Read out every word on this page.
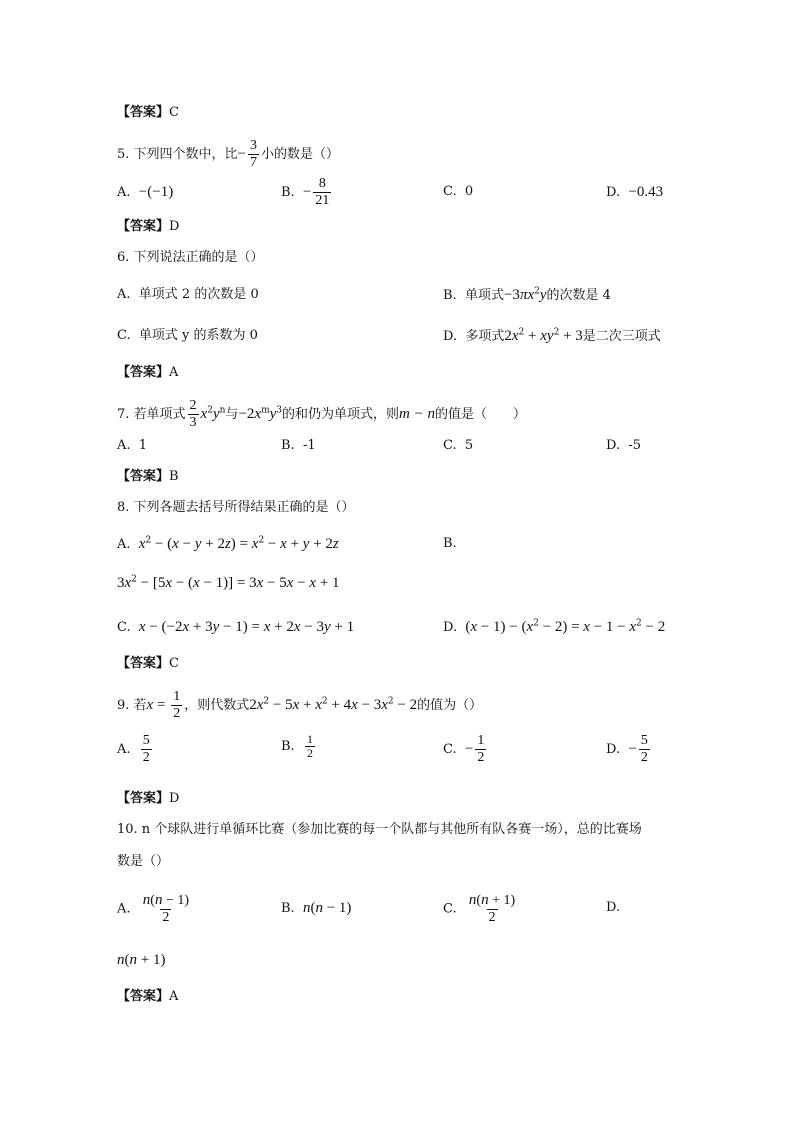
【答案】C
5. 下列四个数中，比− $\frac{3}{7}$ 小的数是（）
A. −(−1)	B. − $\frac{8}{21}$	C. 0	D. −0.43
【答案】D
6. 下列说法正确的是（）
A. 单项式 2 的次数是 0	B. 单项式$-3\pi x^2y$的次数是 4
C. 单项式 y 的系数为 0	D. 多项式$2x^2 + xy^2 + 3$是二次三项式
【答案】A
7. 若单项式 $\frac{2}{3} x^2y^n$与$-2x^my^3$的和仍为单项式，则m − n的值是（　　）
A. 1	B. -1	C. 5	D. -5
【答案】B
8. 下列各题去括号所得结果正确的是（）
A. $x^2 - (x - y + 2z) = x^2 - x + y + 2z$	B.
$3x^2 - [5x - (x - 1)] = 3x - 5x - x + 1$
C. x − (−2x + 3y − 1) = x + 2x − 3y + 1	D. $(x - 1) - (x^2 - 2) = x - 1 - x^2 - 2$
【答案】C
9. 若$x = \frac{1}{2}$ ，则代数式$2x^2 - 5x + x^2 + 4x - 3x^2 - 2$的值为（）
A. $\frac{5}{2}$	B. $\frac{1}{2}$	C. − $\frac{1}{2}$	D. − $\frac{5}{2}$
【答案】D
10. n 个球队进行单循环比赛（参加比赛的每一个队都与其他所有队各赛一场），总的比赛场
数是（）
A. $\frac{n(n - 1)}{2}$	B. n(n − 1)	C. $\frac{n(n + 1)}{2}$	D.
n(n + 1)
【答案】A
